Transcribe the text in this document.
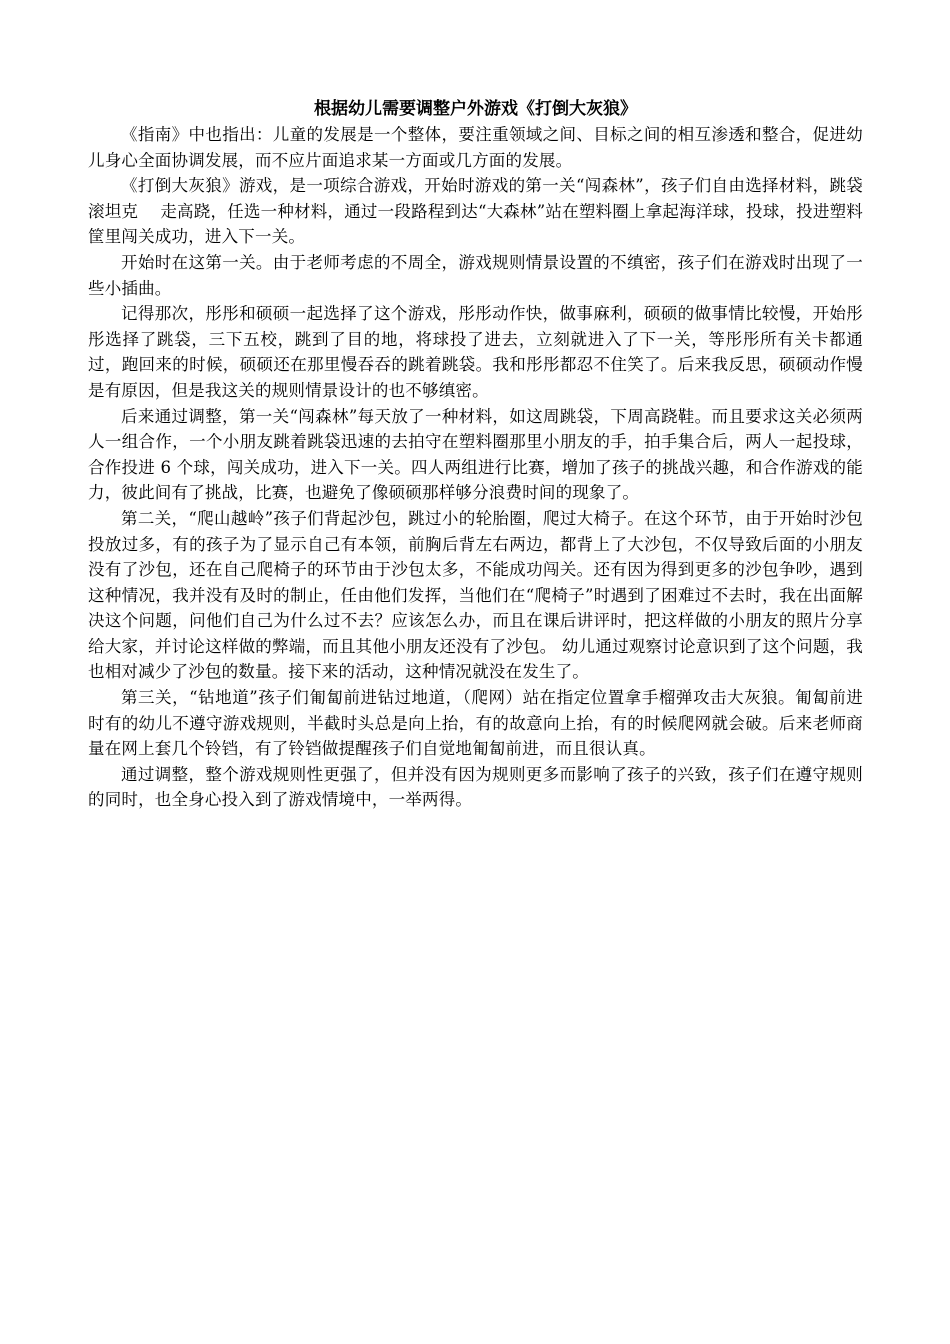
根据幼儿需要调整户外游戏《打倒大灰狼》

《指南》中也指出：儿童的发展是一个整体，要注重领域之间、目标之间的相互渗透和整合，促进幼儿身心全面协调发展，而不应片面追求某一方面或几方面的发展。

《打倒大灰狼》游戏，是一项综合游戏，开始时游戏的第一关“闯森林”，孩子们自由选择材料，跳袋　滚坦克　 走高跷，任选一种材料，通过一段路程到达“大森林”站在塑料圈上拿起海洋球，投球，投进塑料筐里闯关成功，进入下一关。

开始时在这第一关。由于老师考虑的不周全，游戏规则情景设置的不缜密，孩子们在游戏时出现了一些小插曲。

记得那次，彤彤和硕硕一起选择了这个游戏，彤彤动作快，做事麻利，硕硕的做事情比较慢，开始彤彤选择了跳袋，三下五校，跳到了目的地，将球投了进去，立刻就进入了下一关，等彤彤所有关卡都通过，跑回来的时候，硕硕还在那里慢吞吞的跳着跳袋。我和彤彤都忍不住笑了。后来我反思，硕硕动作慢是有原因，但是我这关的规则情景设计的也不够缜密。

后来通过调整，第一关“闯森林”每天放了一种材料，如这周跳袋，下周高跷鞋。而且要求这关必须两人一组合作，一个小朋友跳着跳袋迅速的去拍守在塑料圈那里小朋友的手，拍手集合后，两人一起投球，合作投进 6 个球，闯关成功，进入下一关。四人两组进行比赛，增加了孩子的挑战兴趣，和合作游戏的能力，彼此间有了挑战，比赛，也避免了像硕硕那样够分浪费时间的现象了。

第二关，“爬山越岭”孩子们背起沙包，跳过小的轮胎圈，爬过大椅子。在这个环节，由于开始时沙包投放过多，有的孩子为了显示自己有本领，前胸后背左右两边，都背上了大沙包，不仅导致后面的小朋友没有了沙包，还在自己爬椅子的环节由于沙包太多，不能成功闯关。还有因为得到更多的沙包争吵，遇到这种情况，我并没有及时的制止，任由他们发挥，当他们在“爬椅子”时遇到了困难过不去时，我在出面解决这个问题，问他们自己为什么过不去？应该怎么办，而且在课后讲评时，把这样做的小朋友的照片分享给大家，并讨论这样做的弊端，而且其他小朋友还没有了沙包。 幼儿通过观察讨论意识到了这个问题，我也相对减少了沙包的数量。接下来的活动，这种情况就没在发生了。

第三关，“钻地道”孩子们匍匐前进钻过地道，（爬网）站在指定位置拿手榴弹攻击大灰狼。匍匐前进时有的幼儿不遵守游戏规则，半截时头总是向上抬，有的故意向上抬，有的时候爬网就会破。后来老师商量在网上套几个铃铛，有了铃铛做提醒孩子们自觉地匍匐前进，而且很认真。

通过调整，整个游戏规则性更强了，但并没有因为规则更多而影响了孩子的兴致，孩子们在遵守规则的同时，也全身心投入到了游戏情境中，一举两得。
